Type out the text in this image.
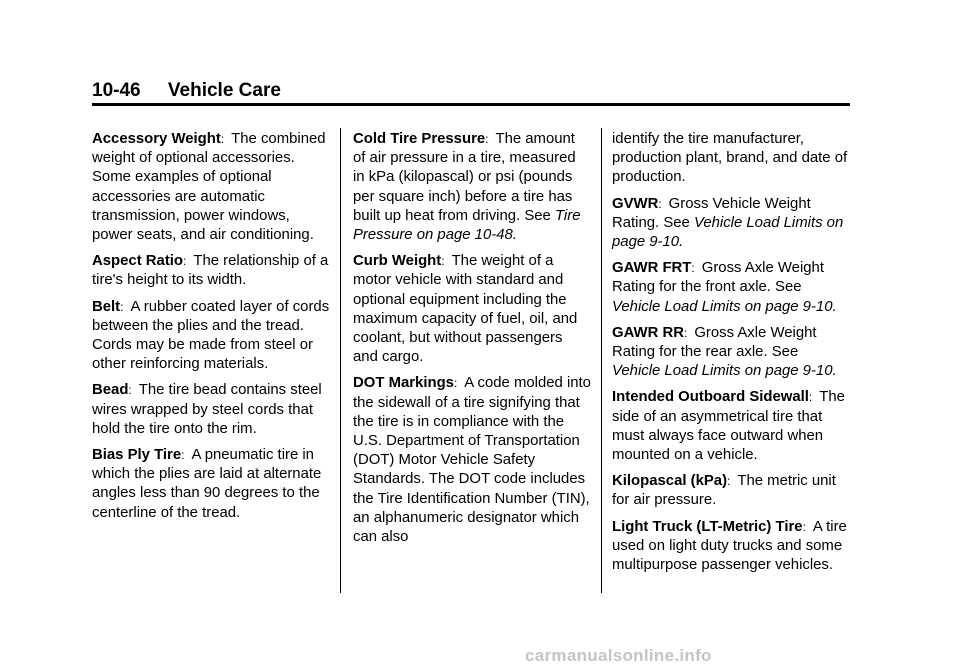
10-46 Vehicle Care

Accessory Weight : The combined weight of optional accessories. Some examples of optional accessories are automatic transmission, power windows, power seats, and air conditioning.

Aspect Ratio : The relationship of a tire's height to its width.

Belt : A rubber coated layer of cords between the plies and the tread. Cords may be made from steel or other reinforcing materials.

Bead : The tire bead contains steel wires wrapped by steel cords that hold the tire onto the rim.

Bias Ply Tire : A pneumatic tire in which the plies are laid at alternate angles less than 90 degrees to the centerline of the tread.

Cold Tire Pressure : The amount of air pressure in a tire, measured in kPa (kilopascal) or psi (pounds per square inch) before a tire has built up heat from driving. See Tire Pressure on page 10-48.

Curb Weight : The weight of a motor vehicle with standard and optional equipment including the maximum capacity of fuel, oil, and coolant, but without passengers and cargo.

DOT Markings : A code molded into the sidewall of a tire signifying that the tire is in compliance with the U.S. Department of Transportation (DOT) Motor Vehicle Safety Standards. The DOT code includes the Tire Identification Number (TIN), an alphanumeric designator which can also

identify the tire manufacturer, production plant, brand, and date of production.

GVWR : Gross Vehicle Weight Rating. See Vehicle Load Limits on page 9-10.

GAWR FRT : Gross Axle Weight Rating for the front axle. See Vehicle Load Limits on page 9-10.

GAWR RR : Gross Axle Weight Rating for the rear axle. See Vehicle Load Limits on page 9-10.

Intended Outboard Sidewall : The side of an asymmetrical tire that must always face outward when mounted on a vehicle.

Kilopascal (kPa) : The metric unit for air pressure.

Light Truck (LT-Metric) Tire : A tire used on light duty trucks and some multipurpose passenger vehicles.

carmanualsonline.info
